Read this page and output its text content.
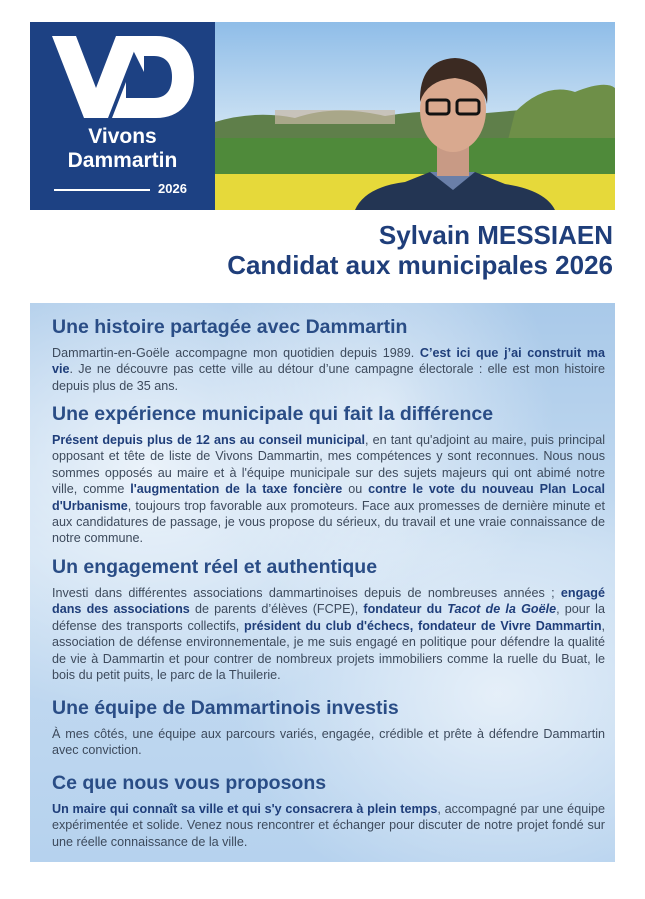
Vivons
Dammartin
2026
Sylvain MESSIAEN
Candidat aux municipales 2026
Une histoire partagée avec Dammartin

Dammartin-en-Goële accompagne mon quotidien depuis 1989. C’est ici que j’ai construit ma vie. Je ne découvre pas cette ville au détour d’une campagne électorale : elle est mon histoire depuis plus de 35 ans.

Une expérience municipale qui fait la différence

Présent depuis plus de 12 ans au conseil municipal, en tant qu'adjoint au maire, puis principal opposant et tête de liste de Vivons Dammartin, mes compétences y sont reconnues. Nous nous sommes opposés au maire et à l'équipe municipale sur des sujets majeurs qui ont abimé notre ville, comme l'augmentation de la taxe foncière ou contre le vote du nouveau Plan Local d'Urbanisme, toujours trop favorable aux promoteurs. Face aux promesses de dernière minute et aux candidatures de passage, je vous propose du sérieux, du travail et une vraie connaissance de notre commune.

Un engagement réel et authentique

Investi dans différentes associations dammartinoises depuis de nombreuses années ; engagé dans des associations de parents d’élèves (FCPE), fondateur du Tacot de la Goële, pour la défense des transports collectifs, président du club d'échecs, fondateur de Vivre Dammartin, association de défense environnementale, je me suis engagé en politique pour défendre la qualité de vie à Dammartin et pour contrer de nombreux projets immobiliers comme la ruelle du Buat, le bois du petit puits, le parc de la Thuilerie.

Une équipe de Dammartinois investis

À mes côtés, une équipe aux parcours variés, engagée, crédible et prête à défendre Dammartin avec conviction.

Ce que nous vous proposons

Un maire qui connaît sa ville et qui s'y consacrera à plein temps, accompagné par une équipe expérimentée et solide. Venez nous rencontrer et échanger pour discuter de notre projet fondé sur une réelle connaissance de la ville.
